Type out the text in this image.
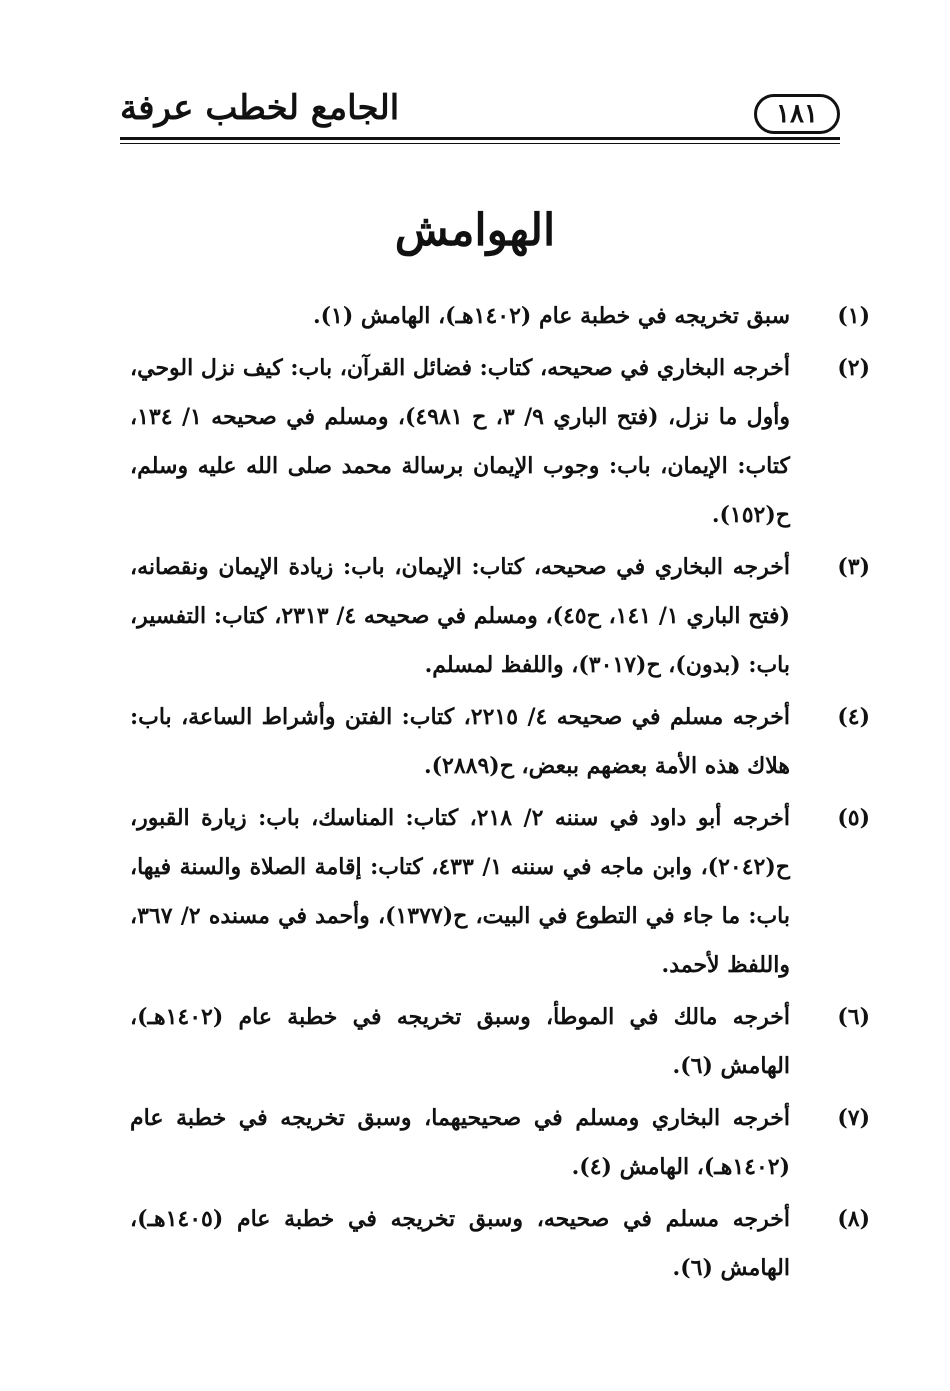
الجامع لخطب عرفة	١٨١
الهوامش
(١)
سبق تخريجه في خطبة عام (١٤٠٢هـ)، الهامش (١).
(٢)
أخرجه البخاري في صحيحه، كتاب: فضائل القرآن، باب: كيف نزل الوحي، وأول ما نزل، (فتح الباري ٩/ ٣، ح ٤٩٨١)، ومسلم في صحيحه ١/ ١٣٤، كتاب: الإيمان، باب: وجوب الإيمان برسالة محمد صلى الله عليه وسلم، ح(١٥٢).
(٣)
أخرجه البخاري في صحيحه، كتاب: الإيمان، باب: زيادة الإيمان ونقصانه، (فتح الباري ١/ ١٤١، ح٤٥)، ومسلم في صحيحه ٤/ ٢٣١٣، كتاب: التفسير، باب: (بدون)، ح(٣٠١٧)، واللفظ لمسلم.
(٤)
أخرجه مسلم في صحيحه ٤/ ٢٢١٥، كتاب: الفتن وأشراط الساعة، باب: هلاك هذه الأمة بعضهم ببعض، ح(٢٨٨٩).
(٥)
أخرجه أبو داود في سننه ٢/ ٢١٨، كتاب: المناسك، باب: زيارة القبور، ح(٢٠٤٢)، وابن ماجه في سننه ١/ ٤٣٣، كتاب: إقامة الصلاة والسنة فيها، باب: ما جاء في التطوع في البيت، ح(١٣٧٧)، وأحمد في مسنده ٢/ ٣٦٧، واللفظ لأحمد.
(٦)
أخرجه مالك في الموطأ، وسبق تخريجه في خطبة عام (١٤٠٢هـ)، الهامش (٦).
(٧)
أخرجه البخاري ومسلم في صحيحيهما، وسبق تخريجه في خطبة عام (١٤٠٢هـ)، الهامش (٤).
(٨)
أخرجه مسلم في صحيحه، وسبق تخريجه في خطبة عام (١٤٠٥هـ)، الهامش (٦).
